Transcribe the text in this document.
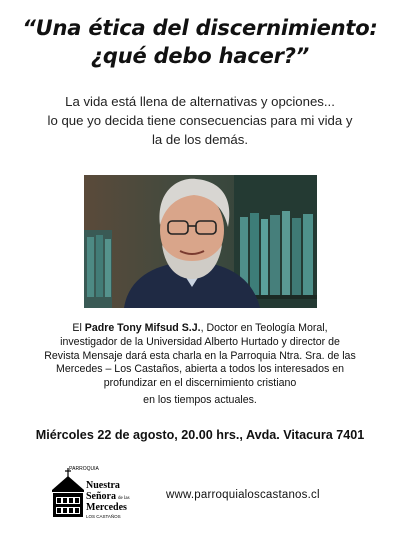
“Una ética del discernimiento:
¿qué debo hacer?”
La vida está llena de alternativas y opciones...
lo que yo decida tiene consecuencias para mi vida y
la de los demás.
El Padre Tony Mifsud S.J., Doctor en Teología Moral,
investigador de la Universidad Alberto Hurtado y director de
Revista Mensaje dará esta charla en la Parroquia Ntra. Sra. de las
Mercedes – Los Castaños, abierta a todos los interesados en
profundizar en el discernimiento cristiano
en los tiempos actuales.
Miércoles 22 de agosto, 20.00 hrs., Avda. Vitacura 7401
PARROQUIA
Nuestra
Señora de las
Mercedes
LOS CASTAÑOS
www.parroquialoscastanos.cl
